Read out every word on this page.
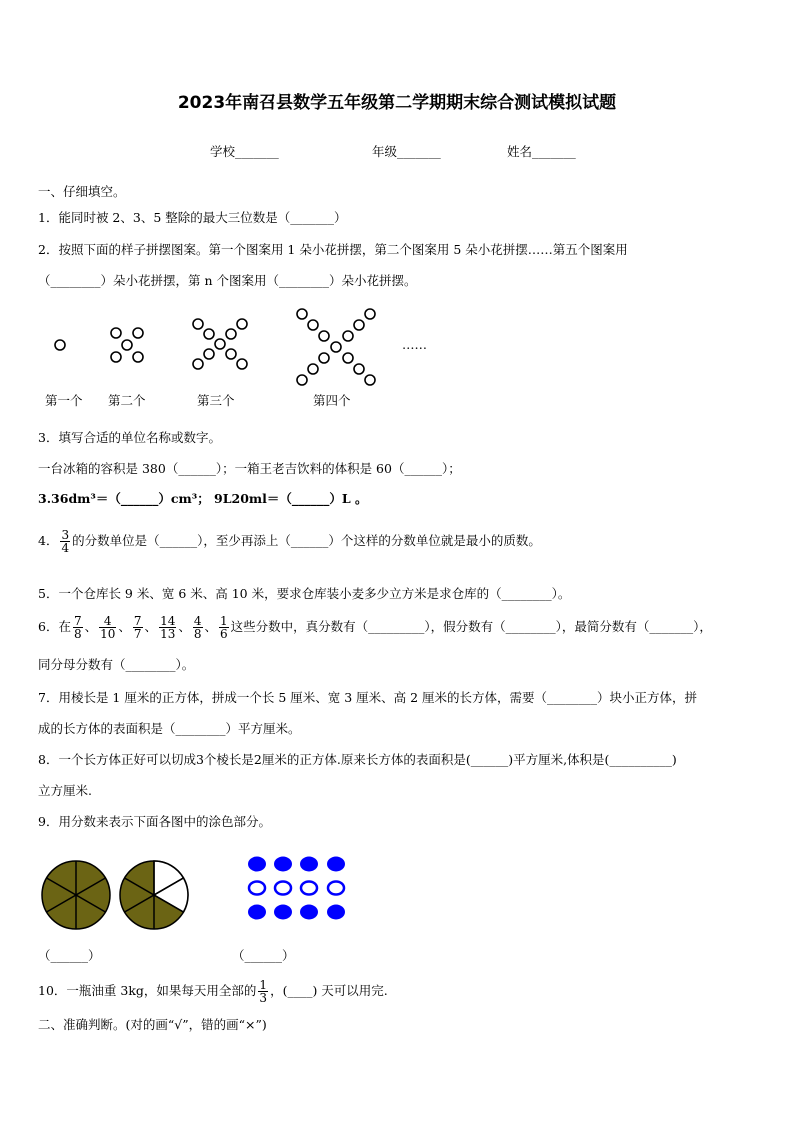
2023年南召县数学五年级第二学期期末综合测试模拟试题
学校_______	年级_______	姓名_______
一、仔细填空。
1．能同时被 2、3、5 整除的最大三位数是（_______）
2．按照下面的样子拼摆图案。第一个图案用 1 朵小花拼摆，第二个图案用 5 朵小花拼摆……第五个图案用
（________）朵小花拼摆，第 n 个图案用（________）朵小花拼摆。
……
第一个 第二个	第三个	第四个
3．填写合适的单位名称或数字。
一台冰箱的容积是 380（______）；一箱王老吉饮料的体积是 60（______）；
3.36dm³＝（______）cm³； 9L20ml＝（______）L 。
4． $\frac{3}{4}$ 的分数单位是（______），至少再添上（______）个这样的分数单位就是最小的质数。
5．一个仓库长 9 米、宽 6 米、高 10 米，要求仓库装小麦多少立方米是求仓库的（________）。
6．在 $\frac{7}{8}$ 、 $\frac{4}{10}$ 、 $\frac{7}{7}$ 、 $\frac{14}{13}$ 、 $\frac{4}{8}$ 、 $\frac{1}{6}$ 这些分数中，真分数有（_________），假分数有（________），最简分数有（_______），
同分母分数有（________）。
7．用棱长是 1 厘米的正方体，拼成一个长 5 厘米、宽 3 厘米、高 2 厘米的长方体，需要（________）块小正方体，拼
成的长方体的表面积是（________）平方厘米。
8．一个长方体正好可以切成3个棱长是2厘米的正方体.原来长方体的表面积是(______)平方厘米,体积是(__________)
立方厘米.
9．用分数来表示下面各图中的涂色部分。
（______）	（______）
10．一瓶油重 3kg，如果每天用全部的 $\frac{1}{3}$ ，(____) 天可以用完.
二、准确判断。(对的画“√”，错的画“×”)
